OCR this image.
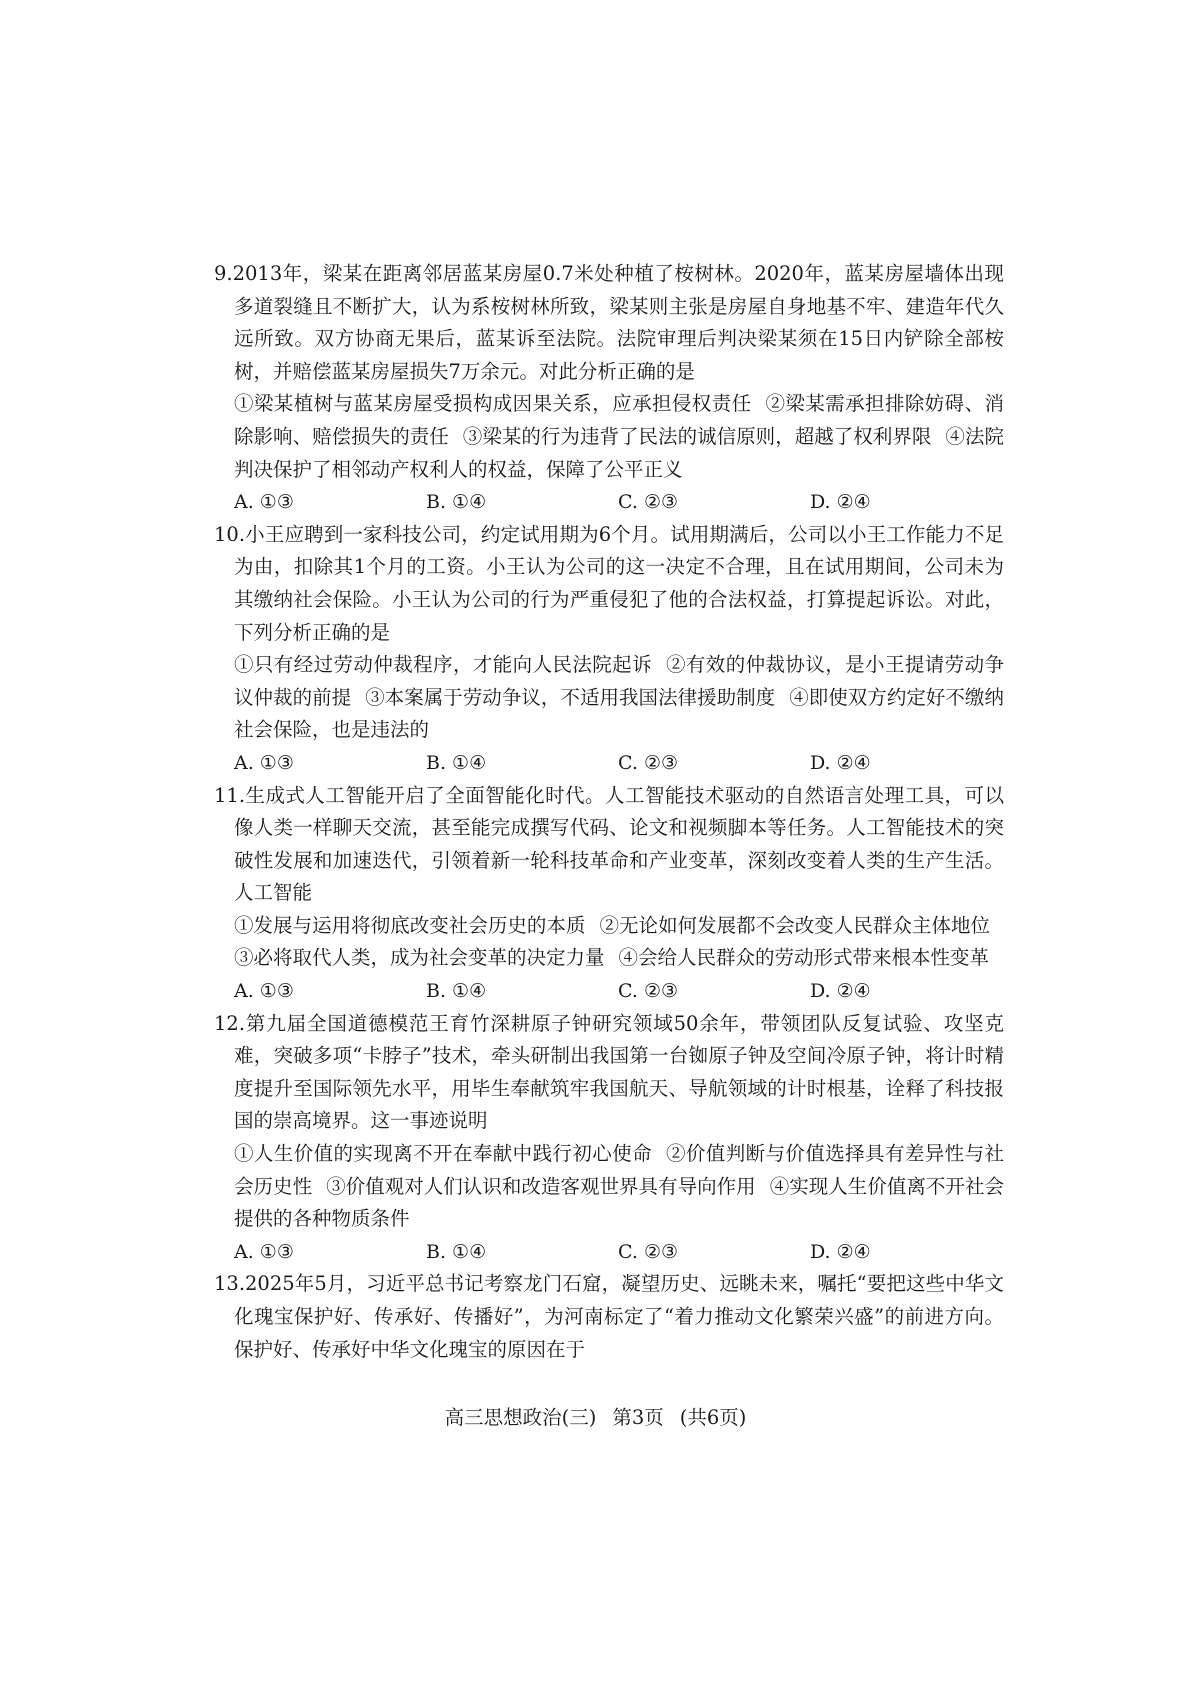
9.2013年，梁某在距离邻居蓝某房屋0.7米处种植了桉树林。2020年，蓝某房屋墙体出现多道裂缝且不断扩大，认为系桉树林所致，梁某则主张是房屋自身地基不牢、建造年代久远所致。双方协商无果后，蓝某诉至法院。法院审理后判决梁某须在15日内铲除全部桉树，并赔偿蓝某房屋损失7万余元。对此分析正确的是

①梁某植树与蓝某房屋受损构成因果关系，应承担侵权责任 ②梁某需承担排除妨碍、消除影响、赔偿损失的责任 ③梁某的行为违背了民法的诚信原则，超越了权利界限 ④法院判决保护了相邻动产权利人的权益，保障了公平正义

A. ①③	B. ①④	C. ②③	D. ②④

10.小王应聘到一家科技公司，约定试用期为6个月。试用期满后，公司以小王工作能力不足为由，扣除其1个月的工资。小王认为公司的这一决定不合理，且在试用期间，公司未为其缴纳社会保险。小王认为公司的行为严重侵犯了他的合法权益，打算提起诉讼。对此，下列分析正确的是

①只有经过劳动仲裁程序，才能向人民法院起诉 ②有效的仲裁协议，是小王提请劳动争议仲裁的前提 ③本案属于劳动争议，不适用我国法律援助制度 ④即使双方约定好不缴纳社会保险，也是违法的

A. ①③	B. ①④	C. ②③	D. ②④

11.生成式人工智能开启了全面智能化时代。人工智能技术驱动的自然语言处理工具，可以像人类一样聊天交流，甚至能完成撰写代码、论文和视频脚本等任务。人工智能技术的突破性发展和加速迭代，引领着新一轮科技革命和产业变革，深刻改变着人类的生产生活。人工智能

①发展与运用将彻底改变社会历史的本质 ②无论如何发展都不会改变人民群众主体地位③必将取代人类，成为社会变革的决定力量 ④会给人民群众的劳动形式带来根本性变革

A. ①③	B. ①④	C. ②③	D. ②④

12.第九届全国道德模范王育竹深耕原子钟研究领域50余年，带领团队反复试验、攻坚克难，突破多项“卡脖子”技术，牵头研制出我国第一台铷原子钟及空间冷原子钟，将计时精度提升至国际领先水平，用毕生奉献筑牢我国航天、导航领域的计时根基，诠释了科技报国的崇高境界。这一事迹说明

①人生价值的实现离不开在奉献中践行初心使命 ②价值判断与价值选择具有差异性与社会历史性 ③价值观对人们认识和改造客观世界具有导向作用 ④实现人生价值离不开社会提供的各种物质条件

A. ①③	B. ①④	C. ②③	D. ②④

13.2025年5月，习近平总书记考察龙门石窟，凝望历史、远眺未来，嘱托“要把这些中华文化瑰宝保护好、传承好、传播好”，为河南标定了“着力推动文化繁荣兴盛”的前进方向。保护好、传承好中华文化瑰宝的原因在于

高三思想政治(三) 第3页 (共6页)
